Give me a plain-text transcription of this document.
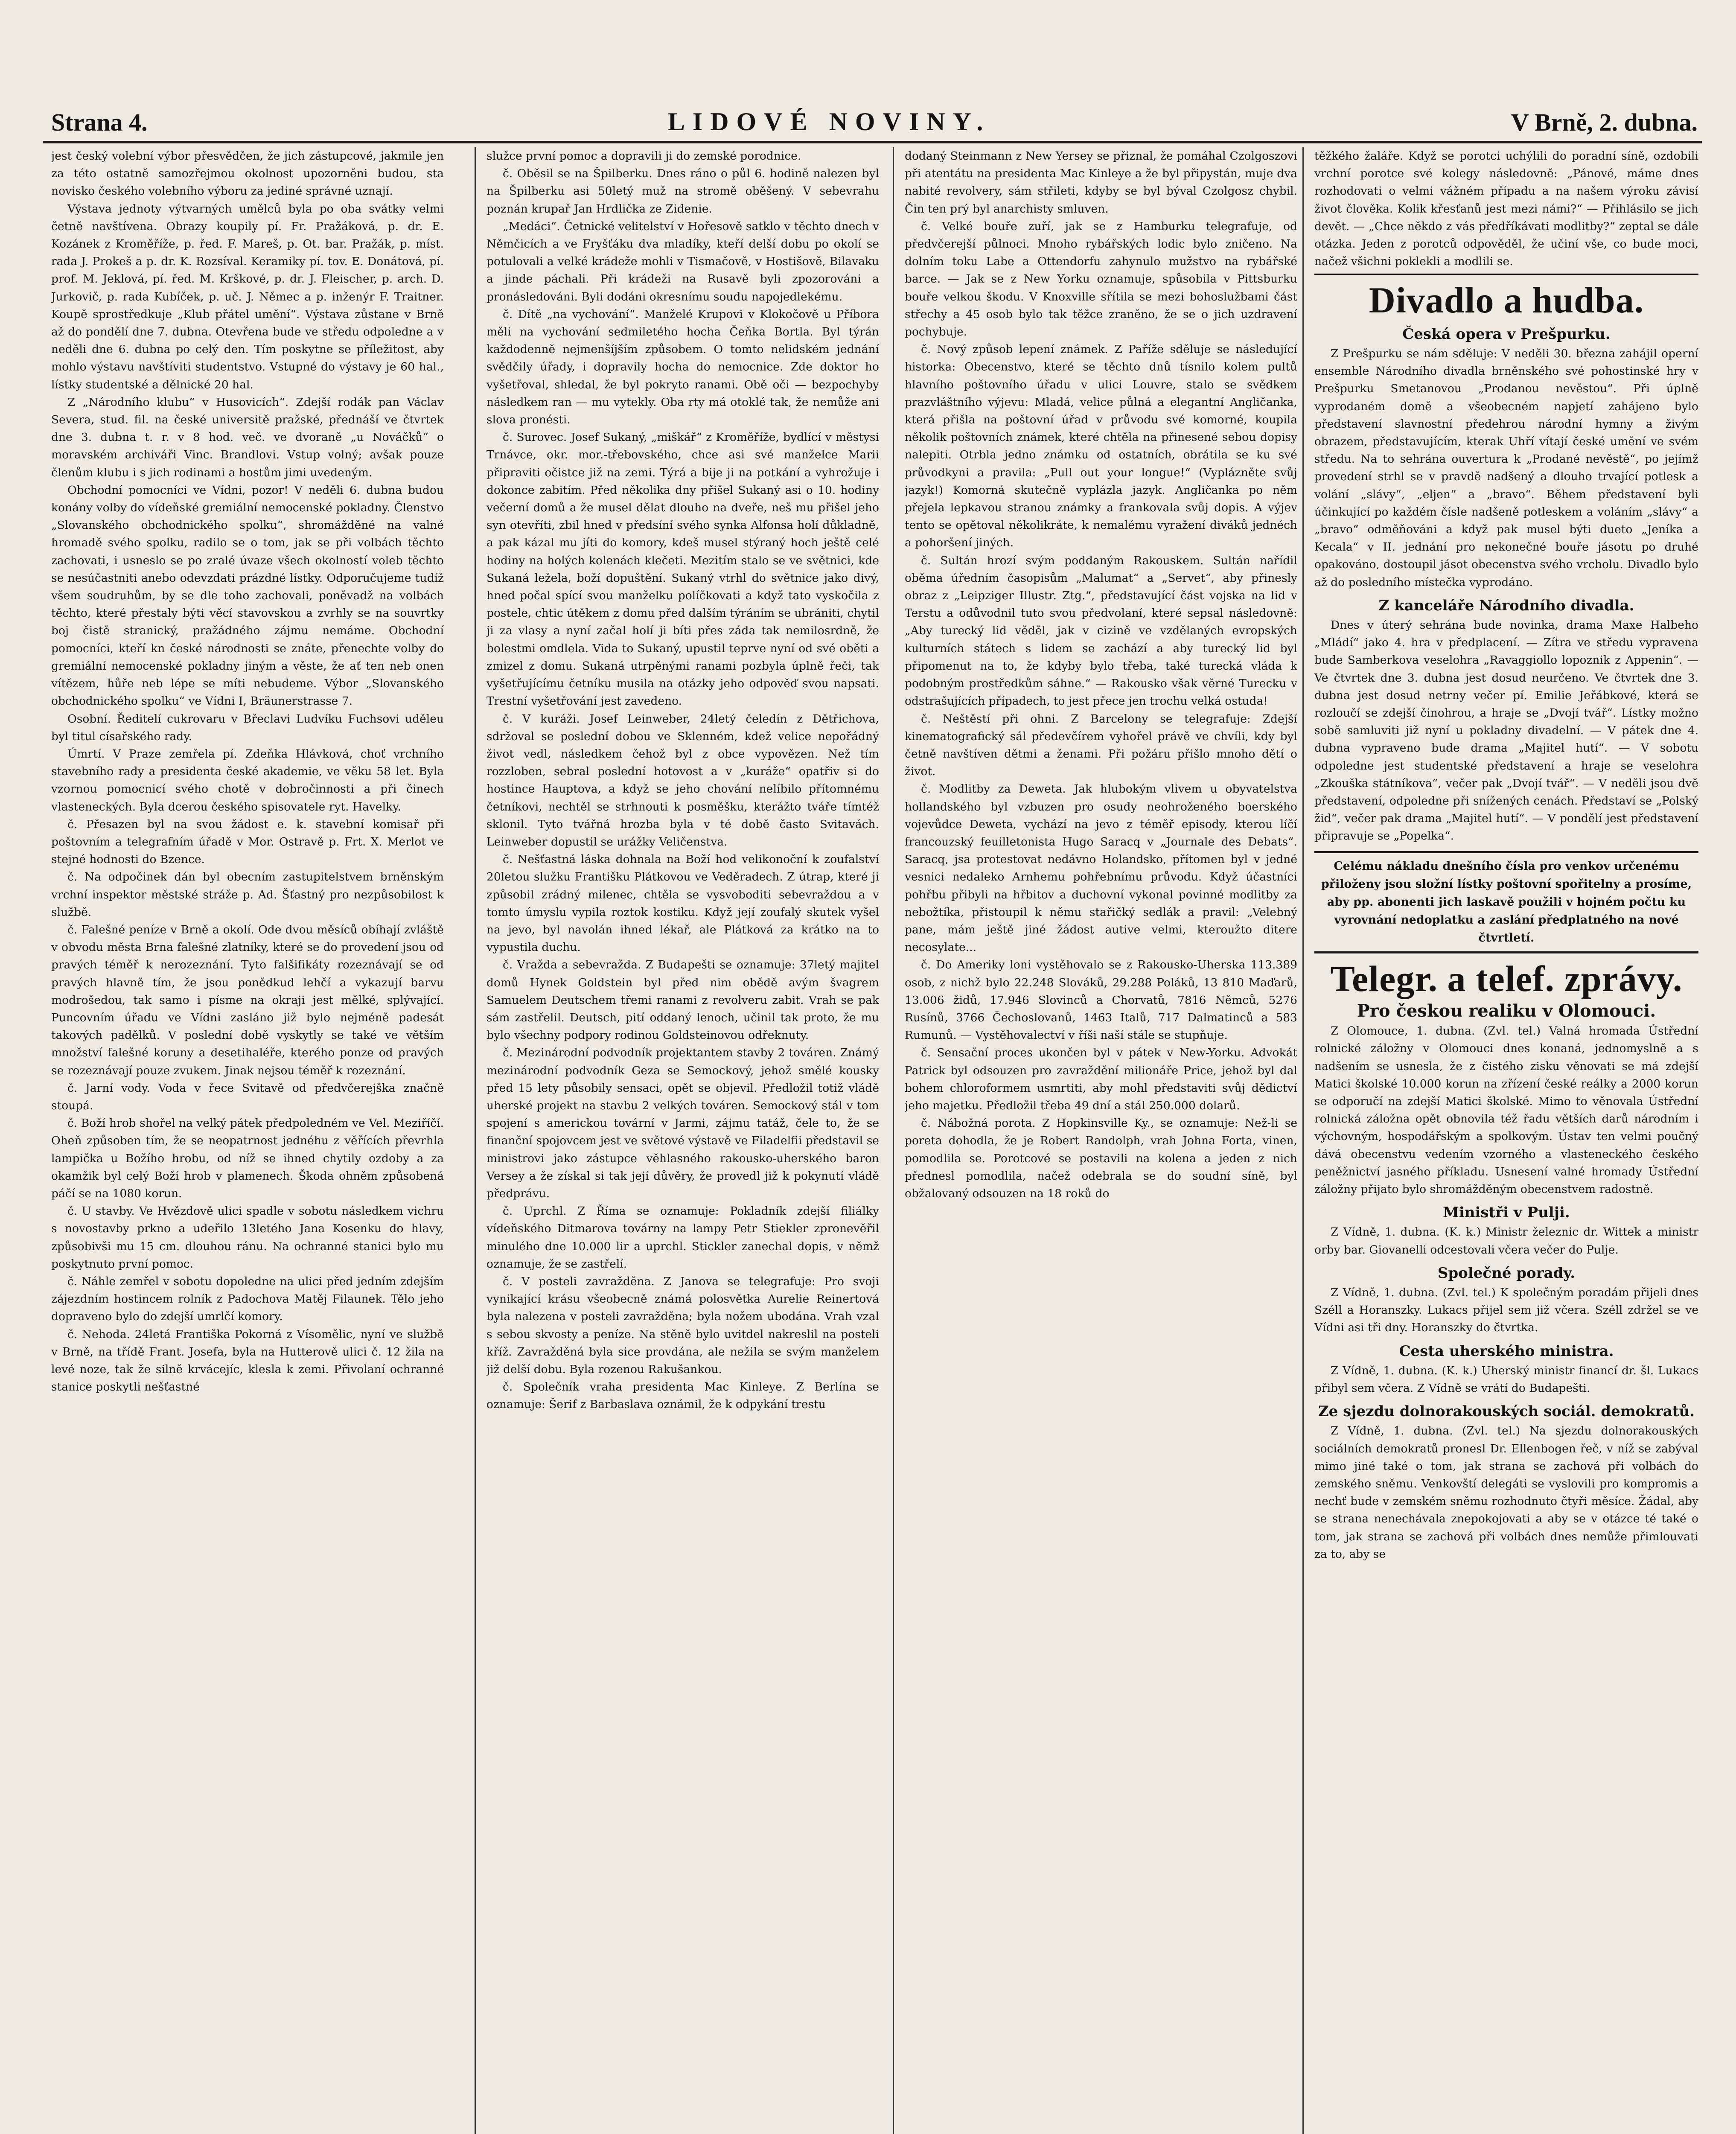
Strana 4.	LIDOVÉ NOVINY.	V Brně, 2. dubna.

jest český volební výbor přesvědčen, že jich zástupcové, jakmile jen za této ostatně samozřejmou okolnost upozorněni budou, sta novisko českého volebního výboru za jediné správné uznají.

Výstava jednoty výtvarných umělců byla po oba svátky velmi četně navštívena. Obrazy koupily pí. Fr. Pražáková, p. dr. E. Kozánek z Kroměříže, p. řed. F. Mareš, p. Ot. bar. Pražák, p. míst. rada J. Prokeš a p. dr. K. Rozsíval. Keramiky pí. tov. E. Donátová, pí. prof. M. Jeklová, pí. řed. M. Krškové, p. dr. J. Fleischer, p. arch. D. Jurkovič, p. rada Kubíček, p. uč. J. Němec a p. inženýr F. Traitner. Koupě sprostředkuje „Klub přátel umění“. Výstava zůstane v Brně až do pondělí dne 7. dubna. Otevřena bude ve středu odpoledne a v neděli dne 6. dubna po celý den. Tím poskytne se příležitost, aby mohlo výstavu navštíviti studentstvo. Vstupné do výstavy je 60 hal., lístky studentské a dělnické 20 hal.

Z „Národního klubu“ v Husovicích“. Zdejší rodák pan Václav Severa, stud. fil. na české universitě pražské, přednáší ve čtvrtek dne 3. dubna t. r. v 8 hod. več. ve dvoraně „u Nováčků“ o moravském archiváři Vinc. Brandlovi. Vstup volný; avšak pouze členům klubu i s jich rodinami a hostům jimi uvedeným.

Obchodní pomocníci ve Vídni, pozor! V neděli 6. dubna budou konány volby do vídeňské gremiální nemocenské pokladny. Členstvo „Slovanského obchodnického spolku“, shromážděné na valné hromadě svého spolku, radilo se o tom, jak se při volbách těchto zachovati, i usneslo se po zralé úvaze všech okolností voleb těchto se nesúčastniti anebo odevzdati prázdné lístky. Odporučujeme tudíž všem soudruhům, by se dle toho zachovali, poněvadž na volbách těchto, které přestaly býti věcí stavovskou a zvrhly se na souvrtky boj čistě stranický, pražádného zájmu nemáme. Obchodní pomocníci, kteří kn české národnosti se znáte, přenechte volby do gremiální nemocenské pokladny jiným a věste, že ať ten neb onen vítězem, hůře neb lépe se míti nebudeme. Výbor „Slovanského obchodnického spolku“ ve Vídni I, Bräunerstrasse 7.

Osobní. Ředitelí cukrovaru v Břeclavi Ludvíku Fuchsovi uděleu byl titul císařského rady.

Úmrtí. V Praze zemřela pí. Zdeňka Hlávková, choť vrchního stavebního rady a presidenta české akademie, ve věku 58 let. Byla vzornou pomocnicí svého chotě v dobročinnosti a při činech vlasteneckých. Byla dcerou českého spisovatele ryt. Havelky.

č. Přesazen byl na svou žádost e. k. stavební komisař při poštovním a telegrafním úřadě v Mor. Ostravě p. Frt. X. Merlot ve stejné hodnosti do Bzence.

č. Na odpočinek dán byl obecním zastupitelstvem brněnským vrchní inspektor městské stráže p. Ad. Šťastný pro nezpůsobilost k službě.

č. Falešné peníze v Brně a okolí. Ode dvou měsíců obíhají zvláště v obvodu města Brna falešné zlatníky, které se do provedení jsou od pravých téměř k nerozeznání. Tyto falšifikáty rozeznávají se od pravých hlavně tím, že jsou ponědkud lehčí a vykazují barvu modrošedou, tak samo i písme na okraji jest mělké, splývající. Puncovním úřadu ve Vídni zasláno již bylo nejméně padesát takových padělků. V poslední době vyskytly se také ve větším množství falešné koruny a desetihaléře, kterého ponze od pravých se rozeznávají pouze zvukem. Jinak nejsou téměř k rozeznání.

č. Jarní vody. Voda v řece Svitavě od předvčerejška značně stoupá.

č. Boží hrob shořel na velký pátek předpoledném ve Vel. Meziříčí. Oheň způsoben tím, že se neopatrnost jednéhu z věřících převrhla lampička u Božího hrobu, od níž se ihned chytily ozdoby a za okamžik byl celý Boží hrob v plamenech. Škoda ohněm způsobená páčí se na 1080 korun.

č. U stavby. Ve Hvězdově ulici spadle v sobotu následkem vichru s novostavby prkno a udeřilo 13letého Jana Kosenku do hlavy, způsobivši mu 15 cm. dlouhou ránu. Na ochranné stanici bylo mu poskytnuto první pomoc.

č. Náhle zemřel v sobotu dopoledne na ulici před jedním zdejším zájezdním hostincem rolník z Padochova Matěj Filaunek. Tělo jeho dopraveno bylo do zdejší umrlčí komory.

č. Nehoda. 24letá Františka Pokorná z Vísomělic, nyní ve službě v Brně, na třídě Frant. Josefa, byla na Hutterově ulici č. 12 žila na levé noze, tak že silně krvácejíc, klesla k zemi. Přivolaní ochranné stanice poskytli nešťastné

služce první pomoc a dopravili ji do zemské porodnice.

č. Oběsil se na Špilberku. Dnes ráno o půl 6. hodině nalezen byl na Špilberku asi 50letý muž na stromě oběšený. V sebevrahu poznán krupař Jan Hrdlička ze Zidenie.

„Medáci“. Četnické velitelství v Hořesově satklo v těchto dnech v Němčicích a ve Fryšťáku dva mladíky, kteří delší dobu po okolí se potulovali a velké krádeže mohli v Tismačově, v Hostišově, Bilavaku a jinde páchali. Při krádeži na Rusavě byli zpozorováni a pronásledováni. Byli dodáni okresnímu soudu napojedlekému.

č. Dítě „na vychování“. Manželé Krupovi v Klokočově u Příbora měli na vychování sedmiletého hocha Čeňka Bortla. Byl týrán každodenně nejmenšíjším způsobem. O tomto nelidském jednání svědčily úřady, i dopravily hocha do nemocnice. Zde doktor ho vyšetřoval, shledal, že byl pokryto ranami. Obě oči — bezpochyby následkem ran — mu vytekly. Oba rty má otoklé tak, že nemůže ani slova pronésti.

č. Surovec. Josef Sukaný, „miškář“ z Kroměříže, bydlící v městysi Trnávce, okr. mor.-třebovského, chce asi své manželce Marii připraviti očistce již na zemi. Týrá a bije ji na potkání a vyhrožuje i dokonce zabitím. Před několika dny přišel Sukaný asi o 10. hodiny večerní domů a že musel dělat dlouho na dveře, neš mu přišel jeho syn otevříti, zbil hned v předsíní svého synka Alfonsa holí důkladně, a pak kázal mu jíti do komory, kdeš musel stýraný hoch ještě celé hodiny na holých kolenách klečeti. Mezitím stalo se ve světnici, kde Sukaná ležela, boží dopuštění. Sukaný vtrhl do světnice jako divý, hned počal spící svou manželku políčkovati a když tato vyskočila z postele, chtic útěkem z domu před dalším týráním se ubrániti, chytil ji za vlasy a nyní začal holí ji bíti přes záda tak nemilosrdně, že bolestmi omdlela. Vida to Sukaný, upustil teprve nyní od své oběti a zmizel z domu. Sukaná utrpěnými ranami pozbyla úplně řeči, tak vyšetřujícímu četníku musila na otázky jeho odpověď svou napsati. Trestní vyšetřování jest zavedeno.

č. V kuráži. Josef Leinweber, 24letý čeledín z Dětřichova, sdržoval se poslední dobou ve Sklenném, kdež velice nepořádný život vedl, následkem čehož byl z obce vypovězen. Než tím rozzloben, sebral poslední hotovost a v „kuráže“ opatřiv si do hostince Hauptova, a když se jeho chování nelíbilo přítomnému četníkovi, nechtěl se strhnouti k posměšku, kterážto tváře tímtéž sklonil. Tyto tvářná hrozba byla v té době často Svitavách. Leinweber dopustil se urážky Veličenstva.

č. Nešťastná láska dohnala na Boží hod velikonoční k zoufalství 20letou služku Františku Plátkovou ve Veděradech. Z útrap, které ji způsobil zrádný milenec, chtěla se vysvoboditi sebevraždou a v tomto úmyslu vypila roztok kostiku. Když její zoufalý skutek vyšel na jevo, byl navolán ihned lékař, ale Plátková za krátko na to vypustila duchu.

č. Vražda a sebevražda. Z Budapešti se oznamuje: 37letý majitel domů Hynek Goldstein byl před nim obědě avým švagrem Samuelem Deutschem třemi ranami z revolveru zabit. Vrah se pak sám zastřelil. Deutsch, pití oddaný lenoch, učinil tak proto, že mu bylo všechny podpory rodinou Goldsteinovou odřeknuty.

č. Mezinárodní podvodník projektantem stavby 2 továren. Známý mezinárodní podvodník Geza se Semockový, jehož smělé kousky před 15 lety působily sensaci, opět se objevil. Předložil totiž vládě uherské projekt na stavbu 2 velkých továren. Semockový stál v tom spojení s americkou tovární v Jarmi, zájmu tatáž, čele to, že se finanční spojovcem jest ve světové výstavě ve Filadelfii představil se ministrovi jako zástupce věhlasného rakousko-uherského baron Versey a že získal si tak její důvěry, že provedl již k pokynutí vládě předprávu.

č. Uprchl. Z Říma se oznamuje: Pokladník zdejší filiálky vídeňského Ditmarova továrny na lampy Petr Stiekler zpronevěřil minulého dne 10.000 lir a uprchl. Stickler zanechal dopis, v němž oznamuje, že se zastřelí.

č. V posteli zavražděna. Z Janova se telegrafuje: Pro svoji vynikající krásu všeobecně známá polosvětka Aurelie Reinertová byla nalezena v posteli zavražděna; byla nožem ubodána. Vrah vzal s sebou skvosty a peníze. Na stěně bylo uvitdel nakreslil na posteli kříž. Zavražděná byla sice provdána, ale nežila se svým manželem již delší dobu. Byla rozenou Rakušankou.

č. Společník vraha presidenta Mac Kinleye. Z Berlína se oznamuje: Šerif z Barbaslava oznámil, že k odpykání trestu

dodaný Steinmann z New Yersey se přiznal, že pomáhal Czolgoszovi při atentátu na presidenta Mac Kinleye a že byl připystán, muje dva nabité revolvery, sám střileti, kdyby se byl býval Czolgosz chybil. Čin ten prý byl anarchisty smluven.

č. Velké bouře zuří, jak se z Hamburku telegrafuje, od předvčerejší půlnoci. Mnoho rybářských lodic bylo zničeno. Na dolním toku Labe a Ottendorfu zahynulo mužstvo na rybářské barce. — Jak se z New Yorku oznamuje, spůsobila v Pittsburku bouře velkou škodu. V Knoxville sřítila se mezi bohoslužbami část střechy a 45 osob bylo tak těžce zraněno, že se o jich uzdravení pochybuje.

č. Nový způsob lepení známek. Z Paříže sděluje se následující historka: Obecenstvo, které se těchto dnů tísnilo kolem pultů hlavního poštovního úřadu v ulici Louvre, stalo se svědkem prazvláštního výjevu: Mladá, velice půlná a elegantní Angličanka, která přišla na poštovní úřad v průvodu své komorné, koupila několik poštovních známek, které chtěla na přinesené sebou dopisy nalepiti. Otrbla jedno známku od ostatních, obrátila se ku své průvodkyni a pravila: „Pull out your longue!“ (Vyplázněte svůj jazyk!) Komorná skutečně vyplázla jazyk. Angličanka po něm přejela lepkavou stranou známky a frankovala svůj dopis. A výjev tento se opětoval několikráte, k nemalému vyražení diváků jednéch a pohoršení jiných.

č. Sultán hrozí svým poddaným Rakouskem. Sultán nařídil oběma úředním časopisům „Malumat“ a „Servet“, aby přinesly obraz z „Leipziger Illustr. Ztg.“, představující část vojska na lid v Terstu a odůvodnil tuto svou předvolaní, které sepsal následovně: „Aby turecký lid věděl, jak v cizině ve vzdělaných evropských kulturních státech s lidem se zachází a aby turecký lid byl připomenut na to, že kdyby bylo třeba, také turecká vláda k podobným prostředkům sáhne.“ — Rakousko však věrné Turecku v odstrašujících případech, to jest přece jen trochu velká ostuda!

č. Neštěstí při ohni. Z Barcelony se telegrafuje: Zdejší kinematografický sál předevčírem vyhořel právě ve chvíli, kdy byl četně navštíven dětmi a ženami. Při požáru přišlo mnoho dětí o život.

č. Modlitby za Deweta. Jak hlubokým vlivem u obyvatelstva hollandského byl vzbuzen pro osudy neohroženého boerského vojevůdce Deweta, vychází na jevo z téměř episody, kterou líčí francouzský feuilletonista Hugo Saracq v „Journale des Debats“. Saracq, jsa protestovat nedávno Holandsko, přítomen byl v jedné vesnici nedaleko Arnhemu pohřebnímu průvodu. Když účastníci pohřbu přibyli na hřbitov a duchovní vykonal povinné modlitby za nebožtíka, přistoupil k němu stařičký sedlák a pravil: „Velebný pane, mám ještě jiné žádost autive velmi, kteroužto ditere necosylate...

č. Do Ameriky loni vystěhovalo se z Rakousko-Uherska 113.389 osob, z nichž bylo 22.248 Slováků, 29.288 Poláků, 13 810 Maďarů, 13.006 židů, 17.946 Slovinců a Chorvatů, 7816 Němců, 5276 Rusínů, 3766 Čechoslovanů, 1463 Italů, 717 Dalmatinců a 583 Rumunů. — Vystěhovalectví v říši naší stále se stupňuje.

č. Sensační proces ukončen byl v pátek v New-Yorku. Advokát Patrick byl odsouzen pro zavraždění milionáře Price, jehož byl dal bohem chloroformem usmrtiti, aby mohl představiti svůj dědictví jeho majetku. Předložil třeba 49 dní a stál 250.000 dolarů.

č. Nábožná porota. Z Hopkinsville Ky., se oznamuje: Než-li se poreta dohodla, že je Robert Randolph, vrah Johna Forta, vinen, pomodlila se. Porotcové se postavili na kolena a jeden z nich přednesl pomodlila, načež odebrala se do soudní síně, byl obžalovaný odsouzen na 18 roků do

těžkého žaláře. Když se porotci uchýlili do poradní síně, ozdobili vrchní porotce své kolegy následovně: „Pánové, máme dnes rozhodovati o velmi vážném případu a na našem výroku závisí život člověka. Kolik křesťanů jest mezi námi?“ — Přihlásilo se jich devět. — „Chce někdo z vás předříkávati modlitby?“ zeptal se dále otázka. Jeden z porotců odpověděl, že učiní vše, co bude moci, načež všichni poklekli a modlili se.

Divadlo a hudba.
Česká opera v Prešpurku.

Z Prešpurku se nám sděluje: V neděli 30. března zahájil operní ensemble Národního divadla brněnského své pohostinské hry v Prešpurku Smetanovou „Prodanou nevěstou“. Při úplně vyprodaném domě a všeobecném napjetí zahájeno bylo představení slavnostní předehrou národní hymny a živým obrazem, představujícím, kterak Uhří vítají české umění ve svém středu. Na to sehrána ouvertura k „Prodané nevěstě“, po jejímž provedení strhl se v pravdě nadšený a dlouho trvající potlesk a volání „slávy“, „eljen“ a „bravo“. Během představení byli účinkující po každém čísle nadšeně potleskem a voláním „slávy“ a „bravo“ odměňováni a když pak musel býti dueto „Jeníka a Kecala“ v II. jednání pro nekonečné bouře jásotu po druhé opakováno, dostoupil jásot obecenstva svého vrcholu. Divadlo bylo až do posledního místečka vyprodáno.

Z kanceláře Národního divadla.

Dnes v úterý sehrána bude novinka, drama Maxe Halbeho „Mládí“ jako 4. hra v předplacení. — Zítra ve středu vypravena bude Samberkova veselohra „Ravaggiollo lopoznik z Appenin“. — Ve čtvrtek dne 3. dubna jest dosud neurčeno. Ve čtvrtek dne 3. dubna jest dosud netrny večer pí. Emilie Jeřábkové, která se rozloučí se zdejší činohrou, a hraje se „Dvojí tvář“. Lístky možno sobě samluviti již nyní u pokladny divadelní. — V pátek dne 4. dubna vypraveno bude drama „Majitel hutí“. — V sobotu odpoledne jest studentské představení a hraje se veselohra „Zkouška státníkova“, večer pak „Dvojí tvář“. — V neděli jsou dvě představení, odpoledne při snížených cenách. Představí se „Polský žid“, večer pak drama „Majitel hutí“. — V pondělí jest představení připravuje se „Popelka“.

Celému nákladu dnešního čísla pro venkov určenému přiloženy jsou složní lístky poštovní spořitelny a prosíme, aby pp. abonenti jich laskavě použili v hojném počtu ku vyrovnání nedoplatku a zaslání předplatného na nové čtvrtletí.
Telegr. a telef. zprávy.
Pro českou realiku v Olomouci.

Z Olomouce, 1. dubna. (Zvl. tel.) Valná hromada Ústřední rolnické záložny v Olomouci dnes konaná, jednomyslně a s nadšením se usnesla, že z čistého zisku věnovati se má zdejší Matici školské 10.000 korun na zřízení české reálky a 2000 korun se odporučí na zdejší Matici školské. Mimo to věnovala Ústřední rolnická záložna opět obnovila též řadu větších darů národním i výchovným, hospodářským a spolkovým. Ústav ten velmi poučný dává obecenstvu vedením vzorného a vlasteneckého českého peněžnictví jasného příkladu. Usnesení valné hromady Ústřední záložny přijato bylo shromážděným obecenstvem radostně.

Ministři v Pulji.

Z Vídně, 1. dubna. (K. k.) Ministr železnic dr. Wittek a ministr orby bar. Giovanelli odcestovali včera večer do Pulje.

Společné porady.

Z Vídně, 1. dubna. (Zvl. tel.) K společným poradám přijeli dnes Széll a Horanszky. Lukacs přijel sem již včera. Széll zdržel se ve Vídni asi tři dny. Horanszky do čtvrtka.

Cesta uherského ministra.

Z Vídně, 1. dubna. (K. k.) Uherský ministr financí dr. šl. Lukacs přibyl sem včera. Z Vídně se vrátí do Budapešti.

Ze sjezdu dolnorakouských sociál. demokratů.

Z Vídně, 1. dubna. (Zvl. tel.) Na sjezdu dolnorakouských sociálních demokratů pronesl Dr. Ellenbogen řeč, v níž se zabýval mimo jiné také o tom, jak strana se zachová při volbách do zemského sněmu. Venkovští delegáti se vyslovili pro kompromis a nechť bude v zemském sněmu rozhodnuto čtyři měsíce. Žádal, aby se strana nenechávala znepokojovati a aby se v otázce té také o tom, jak strana se zachová při volbách dnes nemůže přimlouvati za to, aby se
